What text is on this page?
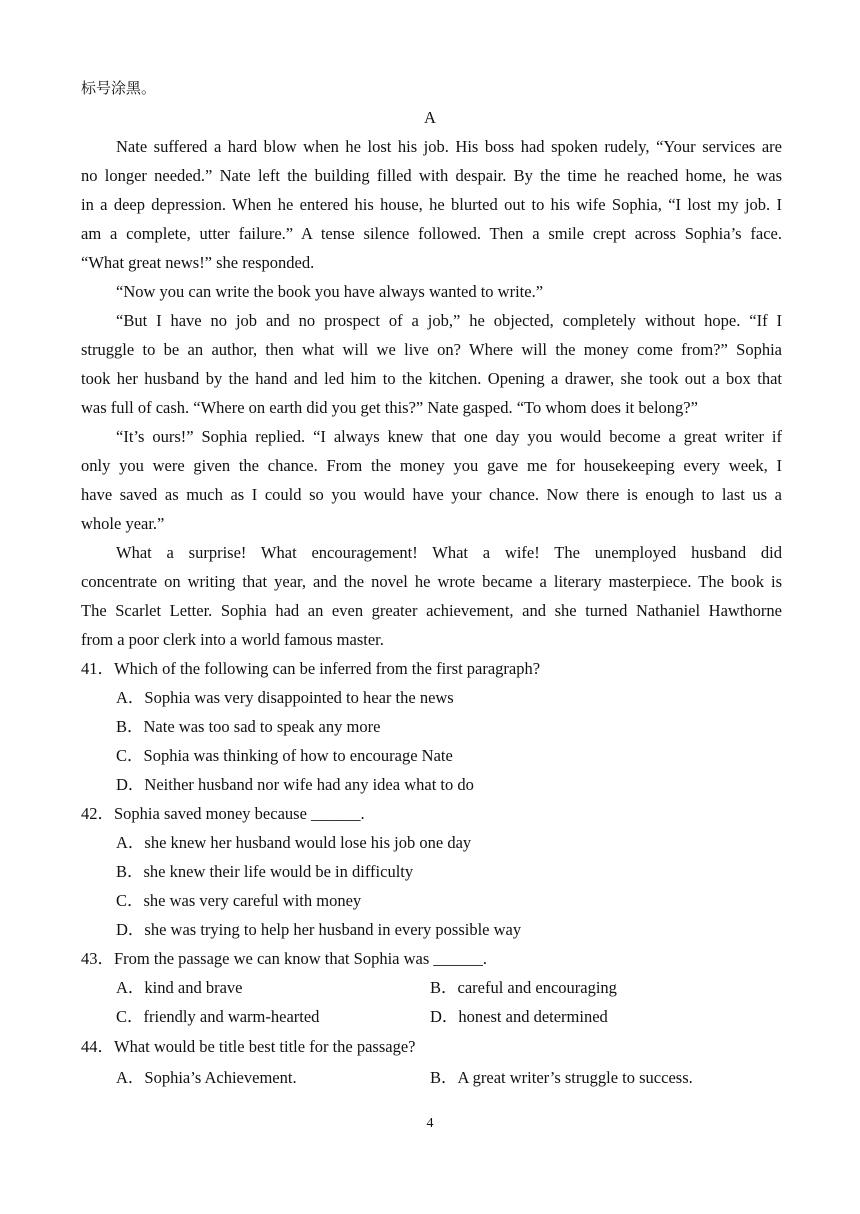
标号涂黑。
A
Nate suffered a hard blow when he lost his job. His boss had spoken rudely, “Your services are
no longer needed.” Nate left the building filled with despair. By the time he reached home, he was
in a deep depression. When he entered his house, he blurted out to his wife Sophia, “I lost my job. I
am a complete, utter failure.” A tense silence followed. Then a smile crept across Sophia’s face.
“What great news!” she responded.
“Now you can write the book you have always wanted to write.”
“But I have no job and no prospect of a job,” he objected, completely without hope. “If I
struggle to be an author, then what will we live on? Where will the money come from?” Sophia
took her husband by the hand and led him to the kitchen. Opening a drawer, she took out a box that
was full of cash. “Where on earth did you get this?” Nate gasped. “To whom does it belong?”
“It’s ours!” Sophia replied. “I always knew that one day you would become a great writer if
only you were given the chance. From the money you gave me for housekeeping every week, I
have saved as much as I could so you would have your chance. Now there is enough to last us a
whole year.”
What a surprise! What encouragement! What a wife! The unemployed husband did
concentrate on writing that year, and the novel he wrote became a literary masterpiece. The book is
The Scarlet Letter. Sophia had an even greater achievement, and she turned Nathaniel Hawthorne
from a poor clerk into a world famous master.
41．Which of the following can be inferred from the first paragraph?
A．Sophia was very disappointed to hear the news
B．Nate was too sad to speak any more
C．Sophia was thinking of how to encourage Nate
D．Neither husband nor wife had any idea what to do
42．Sophia saved money because ______.
A．she knew her husband would lose his job one day
B．she knew their life would be in difficulty
C．she was very careful with money
D．she was trying to help her husband in every possible way
43．From the passage we can know that Sophia was ______.
A．kind and brave	B．careful and encouraging
C．friendly and warm-hearted	D．honest and determined
44．What would be title best title for the passage?
A．Sophia’s Achievement.	B．A great writer’s struggle to success.
4
